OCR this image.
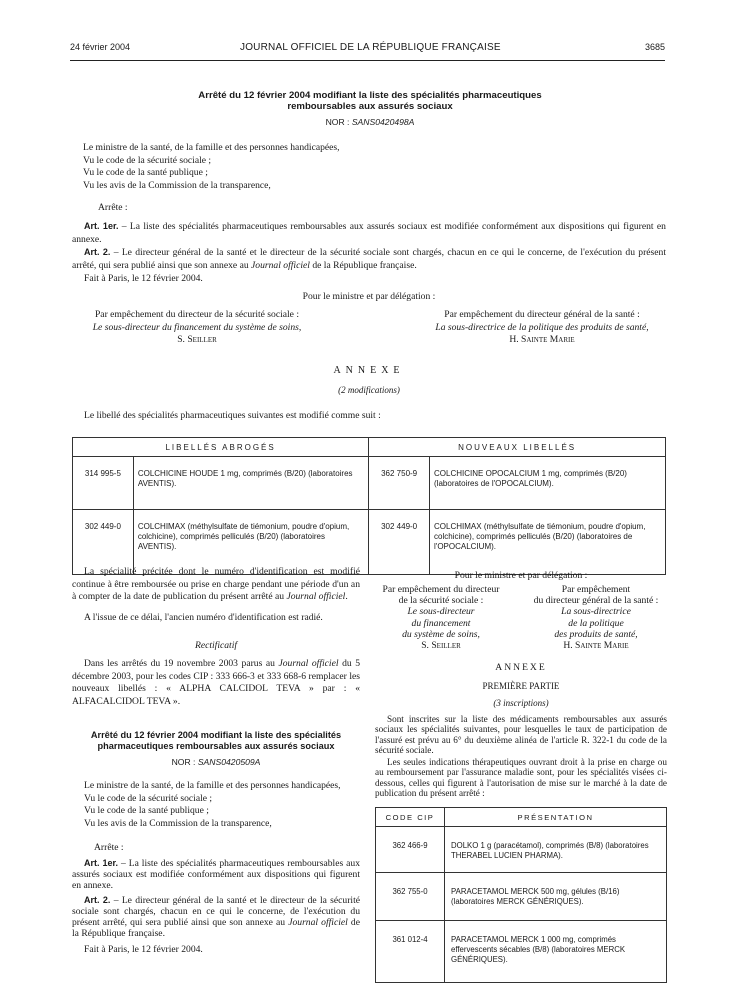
24 février 2004	JOURNAL OFFICIEL DE LA RÉPUBLIQUE FRANÇAISE	3685
Arrêté du 12 février 2004 modifiant la liste des spécialités pharmaceutiques
remboursables aux assurés sociaux
NOR : SANS0420498A

Le ministre de la santé, de la famille et des personnes handicapées,

Vu le code de la sécurité sociale ;

Vu le code de la santé publique ;

Vu les avis de la Commission de la transparence,

Arrête :
Art. 1er. – La liste des spécialités pharmaceutiques remboursables aux assurés sociaux est modifiée conformément aux dispositions qui figurent en annexe.
Art. 2. – Le directeur général de la santé et le directeur de la sécurité sociale sont chargés, chacun en ce qui le concerne, de l'exécution du présent arrêté, qui sera publié ainsi que son annexe au Journal officiel de la République française.
Fait à Paris, le 12 février 2004.
Pour le ministre et par délégation :

Par empêchement du directeur de la sécurité sociale :

Le sous-directeur du financement du système de soins,

S. Seiller

Par empêchement du directeur général de la santé :

La sous-directrice de la politique des produits de santé,

H. Sainte Marie

ANNEXE
(2 modifications)
Le libellé des spécialités pharmaceutiques suivantes est modifié comme suit :
LIBELLÉS ABROGÉS		NOUVEAUX LIBELLÉS	
314 995-5	COLCHICINE HOUDE 1 mg, comprimés (B/20) (laboratoires AVENTIS).	362 750-9	COLCHICINE OPOCALCIUM 1 mg, comprimés (B/20) (laboratoires de l'OPOCALCIUM).
302 449-0	COLCHIMAX (méthylsulfate de tiémonium, poudre d'opium, colchicine), comprimés pelliculés (B/20) (laboratoires AVENTIS).	302 449-0	COLCHIMAX (méthylsulfate de tiémonium, poudre d'opium, colchicine), comprimés pelliculés (B/20) (laboratoires de l'OPOCALCIUM).
La spécialité précitée dont le numéro d'identification est modifié continue à être remboursée ou prise en charge pendant une période d'un an à compter de la date de publication du présent arrêté au Journal officiel.
A l'issue de ce délai, l'ancien numéro d'identification est radié.
Rectificatif
Dans les arrêtés du 19 novembre 2003 parus au Journal officiel du 5 décembre 2003, pour les codes CIP : 333 666-3 et 333 668-6 remplacer les nouveaux libellés : « ALPHA CALCIDOL TEVA » par : « ALFACALCIDOL TEVA ».
Arrêté du 12 février 2004 modifiant la liste des spécialités pharmaceutiques remboursables aux assurés sociaux
NOR : SANS0420509A

Le ministre de la santé, de la famille et des personnes handicapées,

Vu le code de la sécurité sociale ;

Vu le code de la santé publique ;

Vu les avis de la Commission de la transparence,

Arrête :
Art. 1er. – La liste des spécialités pharmaceutiques remboursables aux assurés sociaux est modifiée conformément aux dispositions qui figurent en annexe.
Art. 2. – Le directeur général de la santé et le directeur de la sécurité sociale sont chargés, chacun en ce qui le concerne, de l'exécution du présent arrêté, qui sera publié ainsi que son annexe au Journal officiel de la République française.
Fait à Paris, le 12 février 2004.
Pour le ministre et par délégation :

Par empêchement du directeur

de la sécurité sociale :

Le sous-directeur

du financement

du système de soins,

S. Seiller

Par empêchement

du directeur général de la santé :

La sous-directrice

de la politique

des produits de santé,

H. Sainte Marie

ANNEXE
PREMIÈRE PARTIE
(3 inscriptions)
Sont inscrites sur la liste des médicaments remboursables aux assurés sociaux les spécialités suivantes, pour lesquelles le taux de participation de l'assuré est prévu au 6° du deuxième alinéa de l'article R. 322-1 du code de la sécurité sociale.
Les seules indications thérapeutiques ouvrant droit à la prise en charge ou au remboursement par l'assurance maladie sont, pour les spécialités visées ci-dessous, celles qui figurent à l'autorisation de mise sur le marché à la date de publication du présent arrêté :
CODE CIP	PRÉSENTATION
362 466-9	DOLKO 1 g (paracétamol), comprimés (B/8) (laboratoires THERABEL LUCIEN PHARMA).
362 755-0	PARACETAMOL MERCK 500 mg, gélules (B/16) (laboratoires MERCK GÉNÉRIQUES).
361 012-4	PARACETAMOL MERCK 1 000 mg, comprimés effervescents sécables (B/8) (laboratoires MERCK GÉNÉRIQUES).
